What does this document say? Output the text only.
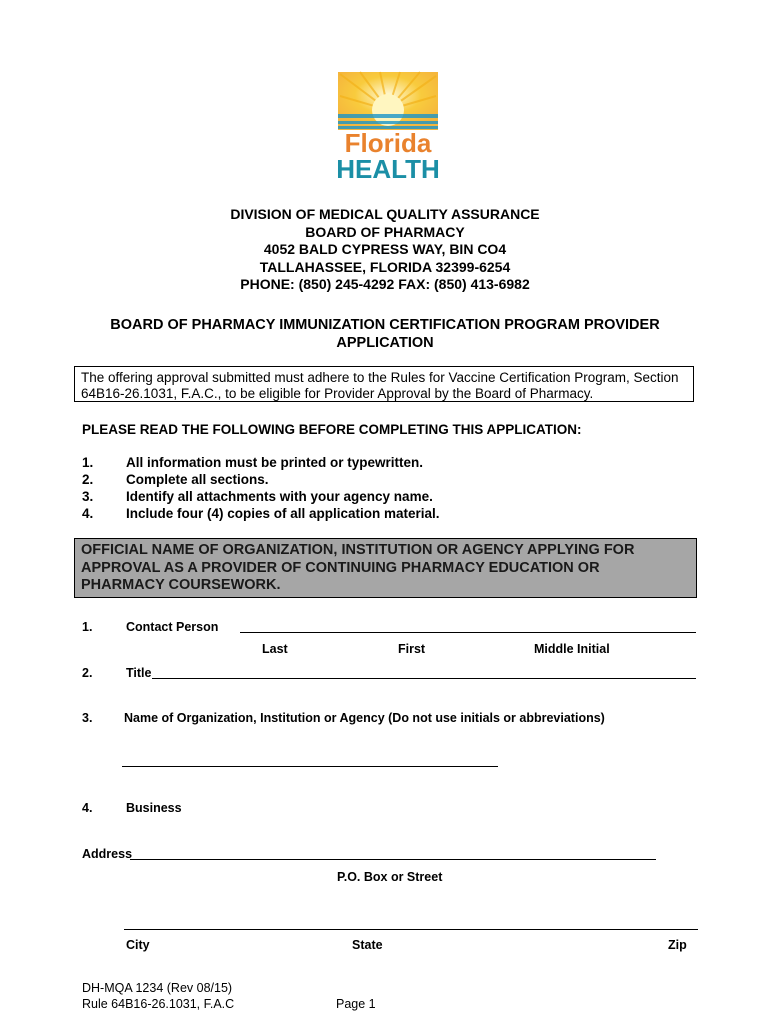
Florida
HEALTH
DIVISION OF MEDICAL QUALITY ASSURANCE
BOARD OF PHARMACY
4052 BALD CYPRESS WAY, BIN CO4
TALLAHASSEE, FLORIDA 32399-6254
PHONE: (850) 245-4292 FAX: (850) 413-6982
BOARD OF PHARMACY IMMUNIZATION CERTIFICATION PROGRAM PROVIDER
APPLICATION
The offering approval submitted must adhere to the Rules for Vaccine Certification Program, Section
64B16-26.1031, F.A.C., to be eligible for Provider Approval by the Board of Pharmacy.
PLEASE READ THE FOLLOWING BEFORE COMPLETING THIS APPLICATION:
1. All information must be printed or typewritten.
2. Complete all sections.
3. Identify all attachments with your agency name.
4. Include four (4) copies of all application material.
OFFICIAL NAME OF ORGANIZATION, INSTITUTION OR AGENCY APPLYING FOR
APPROVAL AS A PROVIDER OF CONTINUING PHARMACY EDUCATION OR
PHARMACY COURSEWORK.
1.	Contact Person
Last	First	Middle Initial
2.	Title
3.	Name of Organization, Institution or Agency (Do not use initials or abbreviations)
4.	Business
Address
P.O. Box or Street
City	State	Zip
DH-MQA 1234 (Rev 08/15)
Rule 64B16-26.1031, F.A.C	Page 1
